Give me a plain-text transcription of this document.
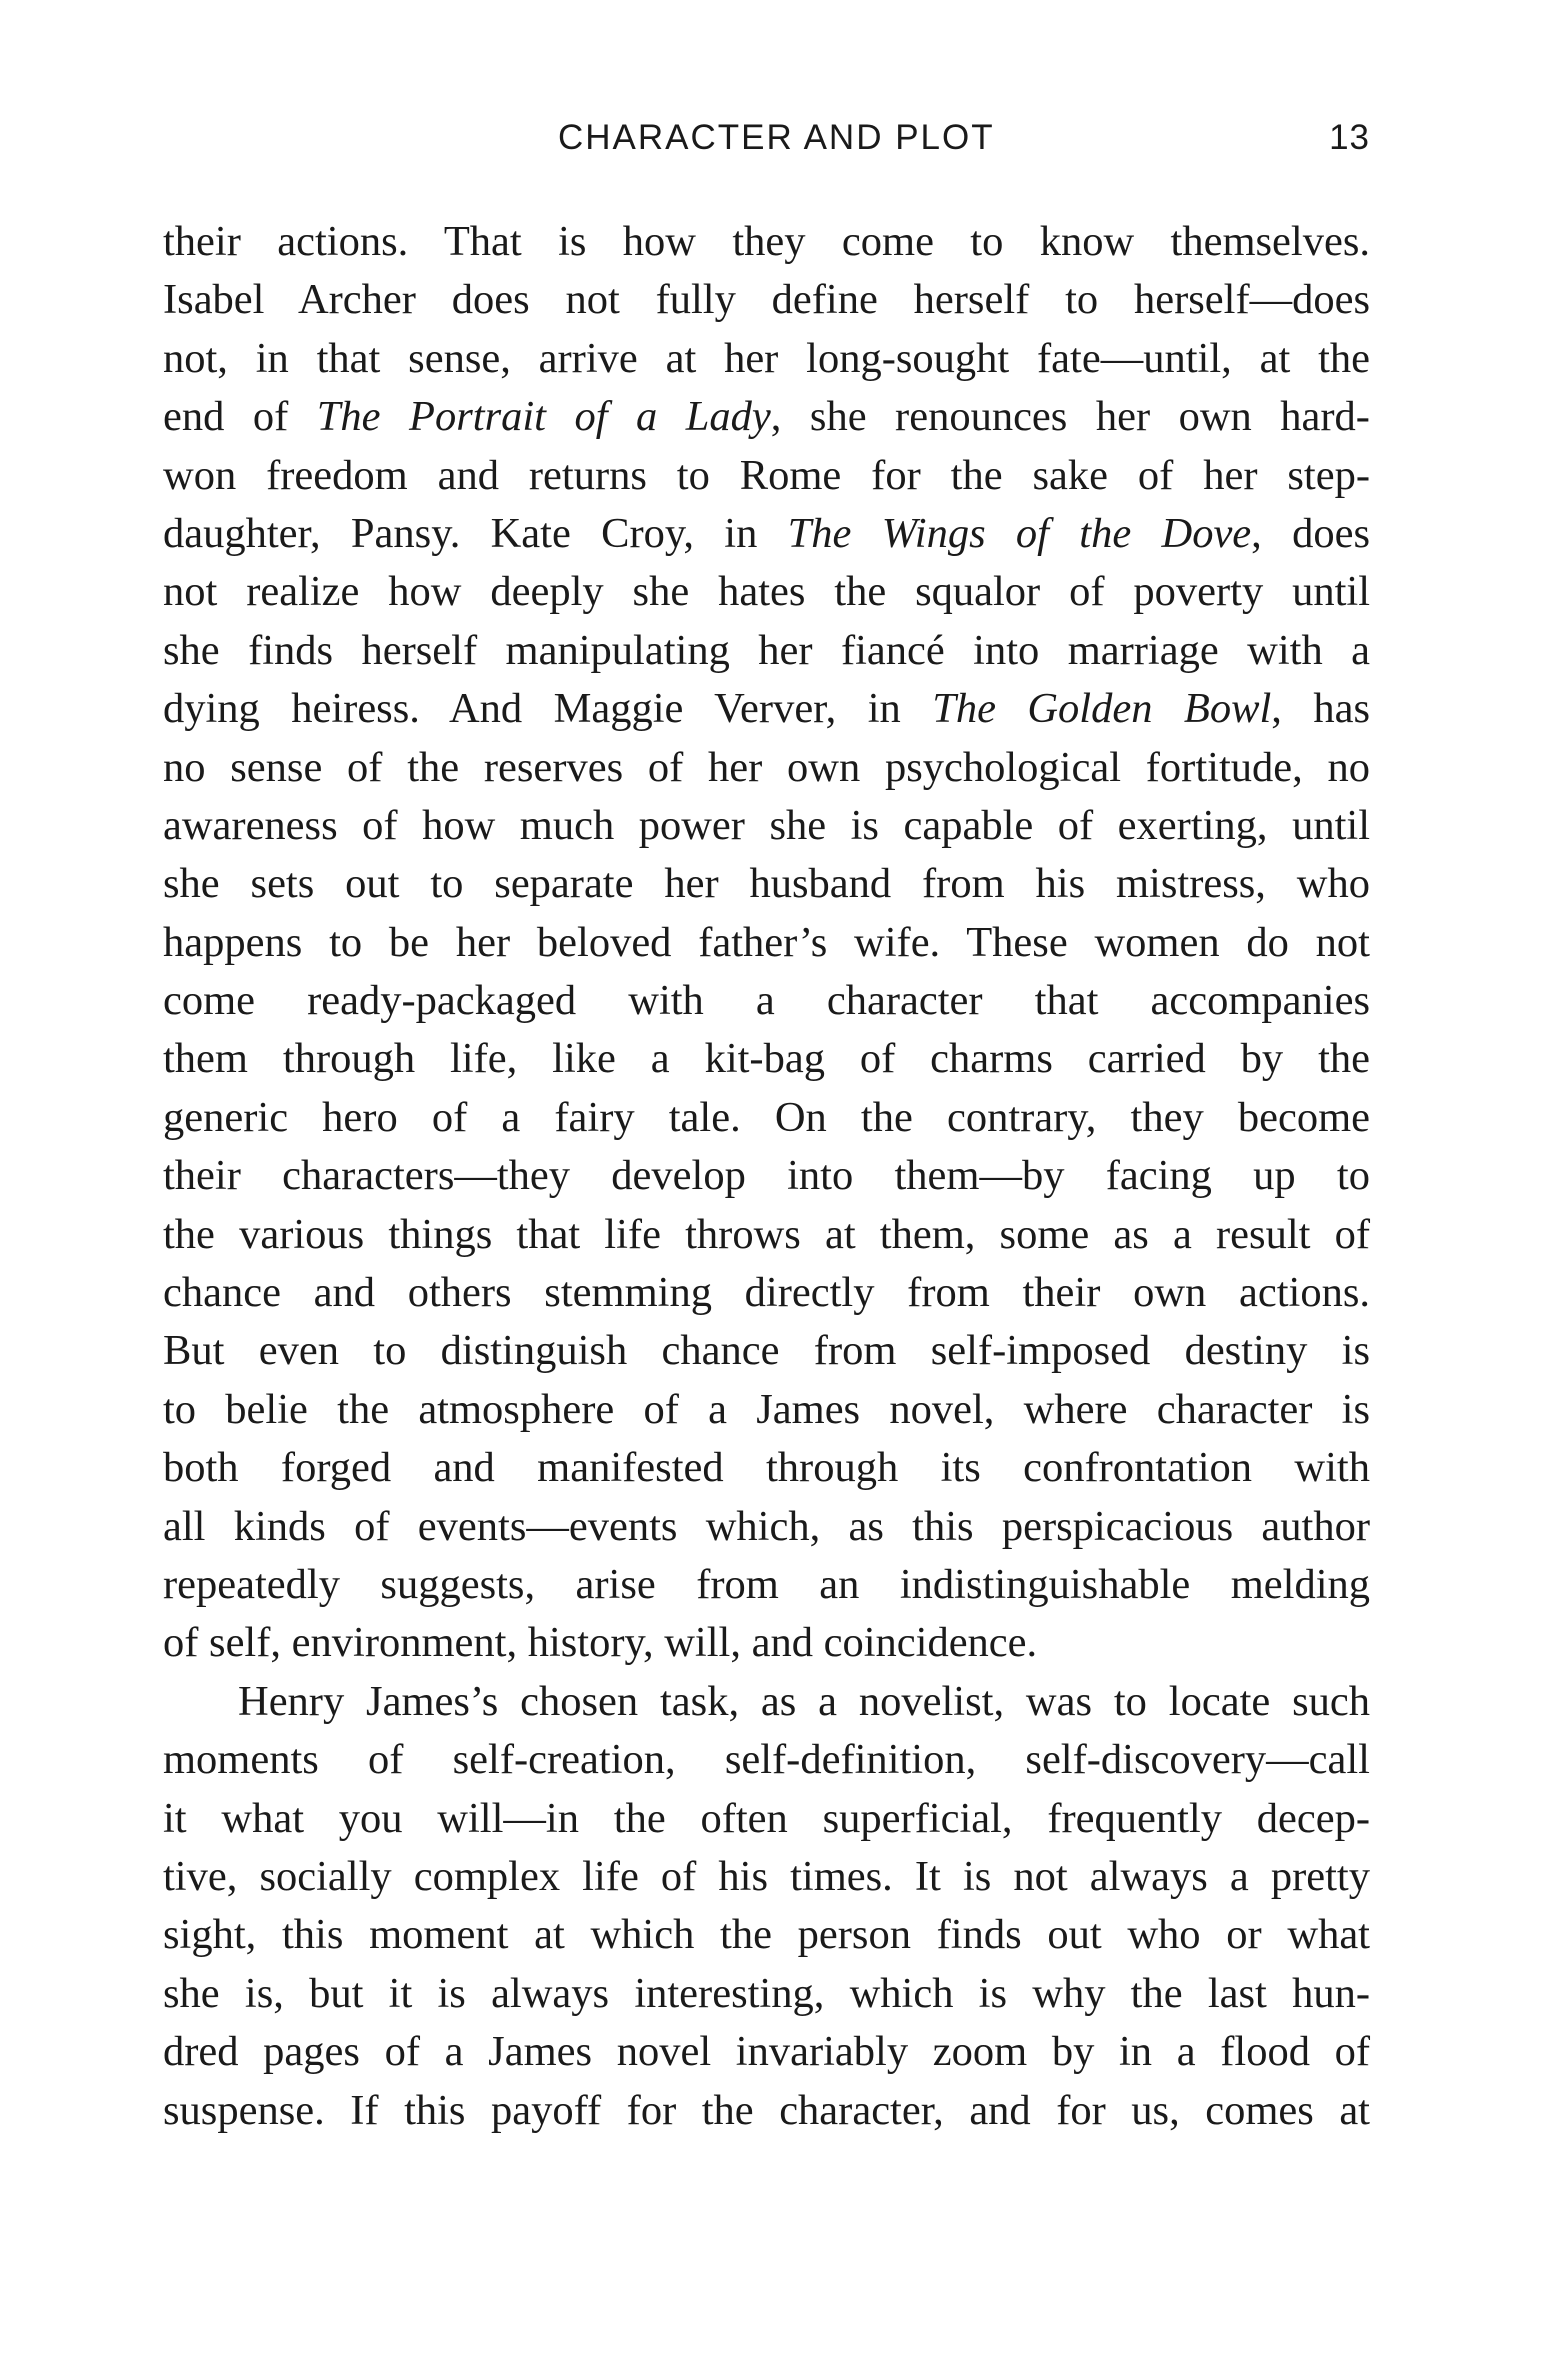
CHARACTER AND PLOT	13
their actions. That is how they come to know themselves.
Isabel Archer does not fully define herself to herself—does
not, in that sense, arrive at her long-sought fate—until, at the
end of The Portrait of a Lady, she renounces her own hard-
won freedom and returns to Rome for the sake of her step-
daughter, Pansy. Kate Croy, in The Wings of the Dove, does
not realize how deeply she hates the squalor of poverty until
she finds herself manipulating her fiancé into marriage with a
dying heiress. And Maggie Verver, in The Golden Bowl, has
no sense of the reserves of her own psychological fortitude, no
awareness of how much power she is capable of exerting, until
she sets out to separate her husband from his mistress, who
happens to be her beloved father’s wife. These women do not
come ready-packaged with a character that accompanies
them through life, like a kit-bag of charms carried by the
generic hero of a fairy tale. On the contrary, they become
their characters—they develop into them—by facing up to
the various things that life throws at them, some as a result of
chance and others stemming directly from their own actions.
But even to distinguish chance from self-imposed destiny is
to belie the atmosphere of a James novel, where character is
both forged and manifested through its confrontation with
all kinds of events—events which, as this perspicacious author
repeatedly suggests, arise from an indistinguishable melding
of self, environment, history, will, and coincidence.
Henry James’s chosen task, as a novelist, was to locate such
moments of self-creation, self-definition, self-discovery—call
it what you will—in the often superficial, frequently decep-
tive, socially complex life of his times. It is not always a pretty
sight, this moment at which the person finds out who or what
she is, but it is always interesting, which is why the last hun-
dred pages of a James novel invariably zoom by in a flood of
suspense. If this payoff for the character, and for us, comes at
